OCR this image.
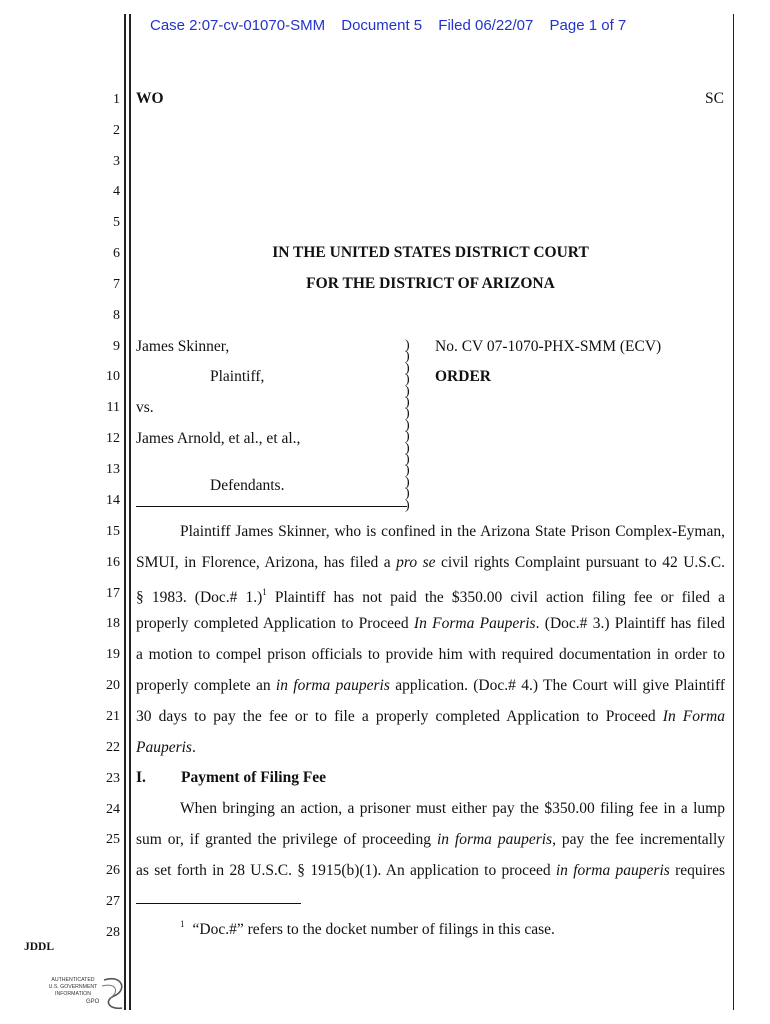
Case 2:07-cv-01070-SMM Document 5 Filed 06/22/07 Page 1 of 7
1
2
3
4
5
6
7
8
9
10
11
12
13
14
15
16
17
18
19
20
21
22
23
24
25
26
27
28
WO	SC
IN THE UNITED STATES DISTRICT COURT
FOR THE DISTRICT OF ARIZONA
James Skinner,
Plaintiff,
vs.
James Arnold, et al., et al.,
Defendants.
)
)
)
)
)
)
)
)
)
)
)
)
)
)
)
No. CV 07-1070-PHX-SMM (ECV)
ORDER
Plaintiff James Skinner, who is confined in the Arizona State Prison Complex-Eyman,
SMUI, in Florence, Arizona, has filed a pro se civil rights Complaint pursuant to 42 U.S.C.
§ 1983. (Doc.# 1.)$^1$ Plaintiff has not paid the $350.00 civil action filing fee or filed a
properly completed Application to Proceed In Forma Pauperis. (Doc.# 3.) Plaintiff has filed
a motion to compel prison officials to provide him with required documentation in order to
properly complete an in forma pauperis application. (Doc.# 4.) The Court will give Plaintiff
30 days to pay the fee or to file a properly completed Application to Proceed In Forma
Pauperis.
I. Payment of Filing Fee
When bringing an action, a prisoner must either pay the $350.00 filing fee in a lump
sum or, if granted the privilege of proceeding in forma pauperis, pay the fee incrementally
as set forth in 28 U.S.C. § 1915(b)(1). An application to proceed in forma pauperis requires
$^1$ “Doc.#” refers to the docket number of filings in this case.
JDDL
AUTHENTICATED
U.S. GOVERNMENT
INFORMATION
GPO
